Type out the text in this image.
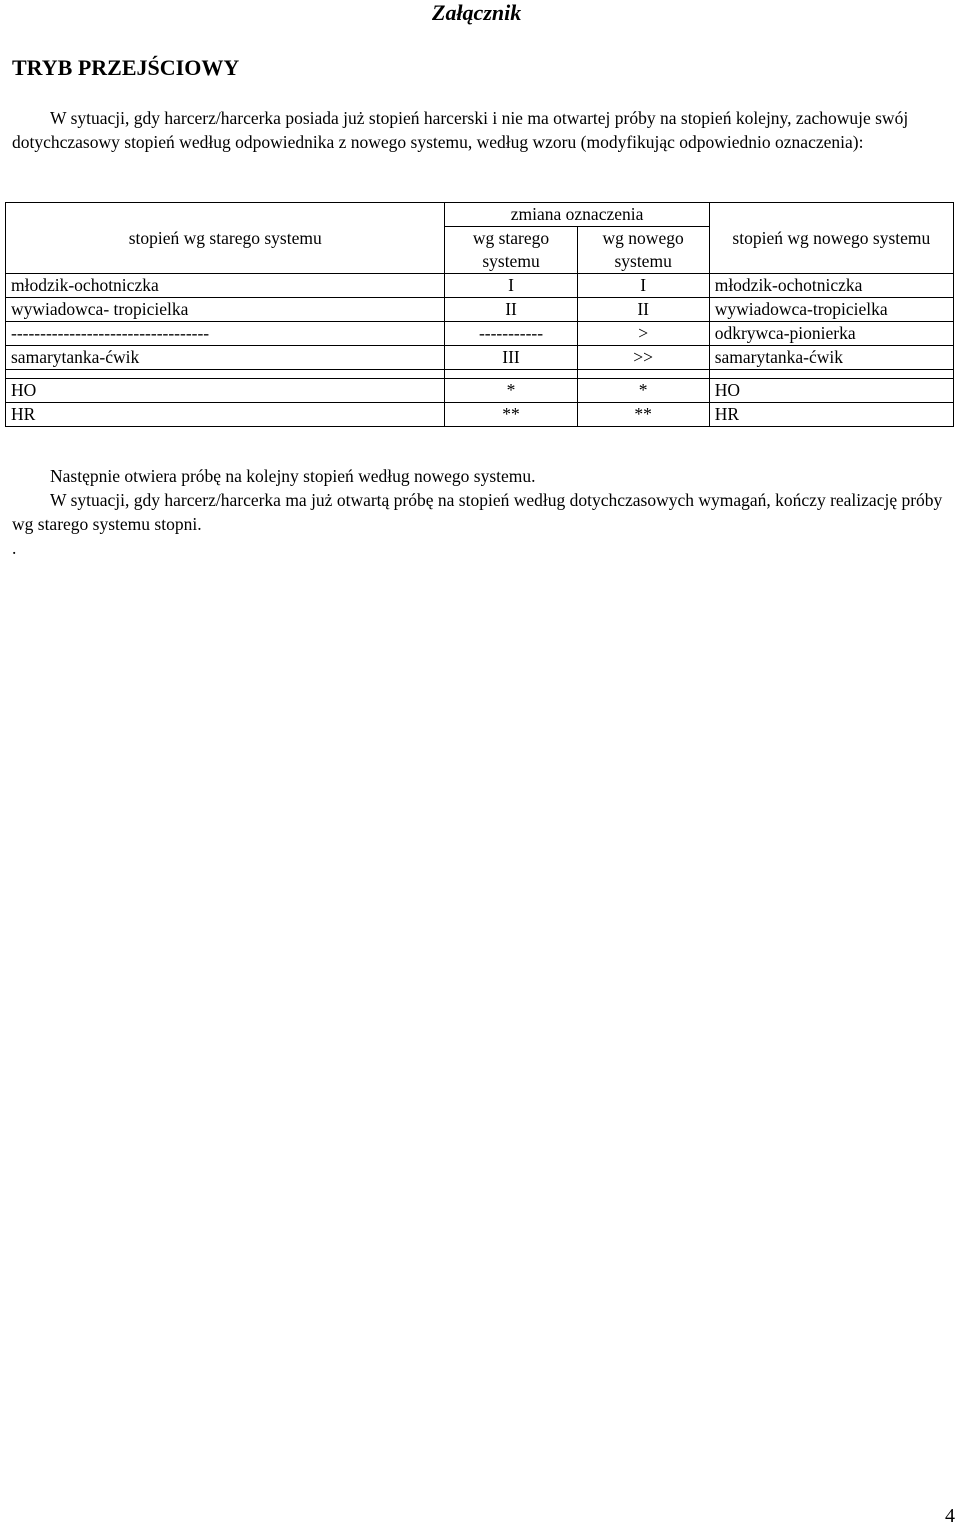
Załącznik
TRYB PRZEJŚCIOWY

W sytuacji, gdy harcerz/harcerka posiada już stopień harcerski i nie ma otwartej próby na stopień kolejny, zachowuje swój dotychczasowy stopień według odpowiednika z nowego systemu, według wzoru (modyfikując odpowiednio oznaczenia):

stopień wg starego systemu	zmiana oznaczenia		stopień wg nowego systemu
	wg starego systemu	wg nowego systemu	
młodzik-ochotniczka	I	I	młodzik-ochotniczka
wywiadowca- tropicielka	II	II	wywiadowca-tropicielka
----------------------------------	-----------	>	odkrywca-pionierka
samarytanka-ćwik	III	>>	samarytanka-ćwik

HO	*	*	HO
HR	**	**	HR

Następnie otwiera próbę na kolejny stopień według nowego systemu.

W sytuacji, gdy harcerz/harcerka ma już otwartą próbę na stopień według dotychczasowych wymagań, kończy realizację próby wg starego systemu stopni.

.

4
